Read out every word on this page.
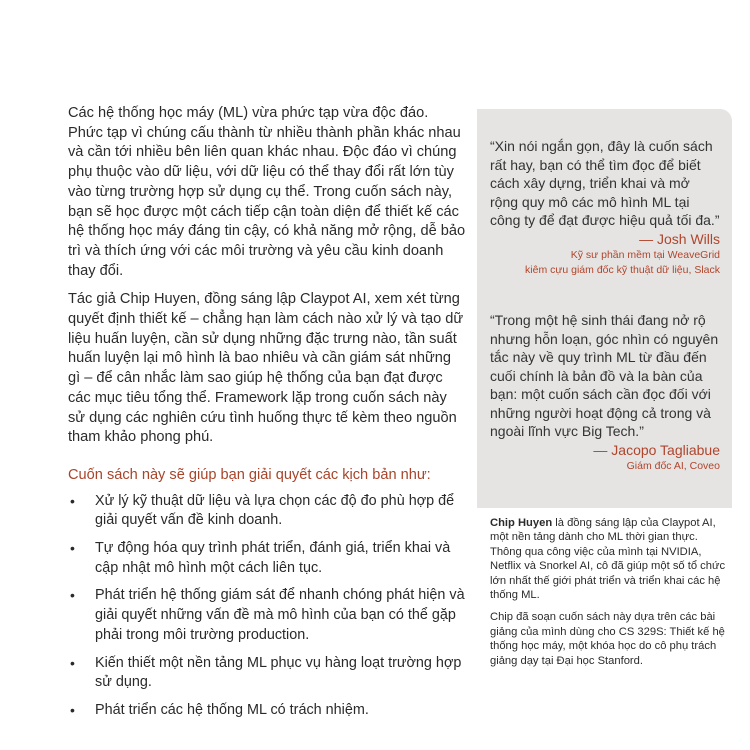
Các hệ thống học máy (ML) vừa phức tạp vừa độc đáo. Phức tạp vì chúng cấu thành từ nhiều thành phần khác nhau và cần tới nhiều bên liên quan khác nhau. Độc đáo vì chúng phụ thuộc vào dữ liệu, với dữ liệu có thể thay đổi rất lớn tùy vào từng trường hợp sử dụng cụ thể. Trong cuốn sách này, bạn sẽ học được một cách tiếp cận toàn diện để thiết kế các hệ thống học máy đáng tin cậy, có khả năng mở rộng, dễ bảo trì và thích ứng với các môi trường và yêu cầu kinh doanh thay đổi.

Tác giả Chip Huyen, đồng sáng lập Claypot AI, xem xét từng quyết định thiết kế – chẳng hạn làm cách nào xử lý và tạo dữ liệu huấn luyện, cần sử dụng những đặc trưng nào, tần suất huấn luyện lại mô hình là bao nhiêu và cần giám sát những gì – để cân nhắc làm sao giúp hệ thống của bạn đạt được các mục tiêu tổng thể. Framework lặp trong cuốn sách này sử dụng các nghiên cứu tình huống thực tế kèm theo nguồn tham khảo phong phú.

Cuốn sách này sẽ giúp bạn giải quyết các kịch bản như:
• Xử lý kỹ thuật dữ liệu và lựa chọn các độ đo phù hợp để giải quyết vấn đề kinh doanh.
• Tự động hóa quy trình phát triển, đánh giá, triển khai và cập nhật mô hình một cách liên tục.
• Phát triển hệ thống giám sát để nhanh chóng phát hiện và giải quyết những vấn đề mà mô hình của bạn có thể gặp phải trong môi trường production.
• Kiến thiết một nền tảng ML phục vụ hàng loạt trường hợp sử dụng.
• Phát triển các hệ thống ML có trách nhiệm.

“Xin nói ngắn gọn, đây là cuốn sách rất hay, bạn có thể tìm đọc để biết cách xây dựng, triển khai và mở rộng quy mô các mô hình ML tại công ty để đạt được hiệu quả tối đa.”

— Josh Wills
Kỹ sư phần mềm tại WeaveGrid
kiêm cựu giám đốc kỹ thuật dữ liệu, Slack

“Trong một hệ sinh thái đang nở rộ nhưng hỗn loạn, góc nhìn có nguyên tắc này về quy trình ML từ đầu đến cuối chính là bản đồ và la bàn của bạn: một cuốn sách cần đọc đối với những người hoạt động cả trong và ngoài lĩnh vực Big Tech.”

— Jacopo Tagliabue
Giám đốc AI, Coveo

Chip Huyen là đồng sáng lập của Claypot AI, một nền tảng dành cho ML thời gian thực. Thông qua công việc của mình tại NVIDIA, Netflix và Snorkel AI, cô đã giúp một số tổ chức lớn nhất thế giới phát triển và triển khai các hệ thống ML.

Chip đã soạn cuốn sách này dựa trên các bài giảng của mình dùng cho CS 329S: Thiết kế hệ thống học máy, một khóa học do cô phụ trách giảng dạy tại Đại học Stanford.
